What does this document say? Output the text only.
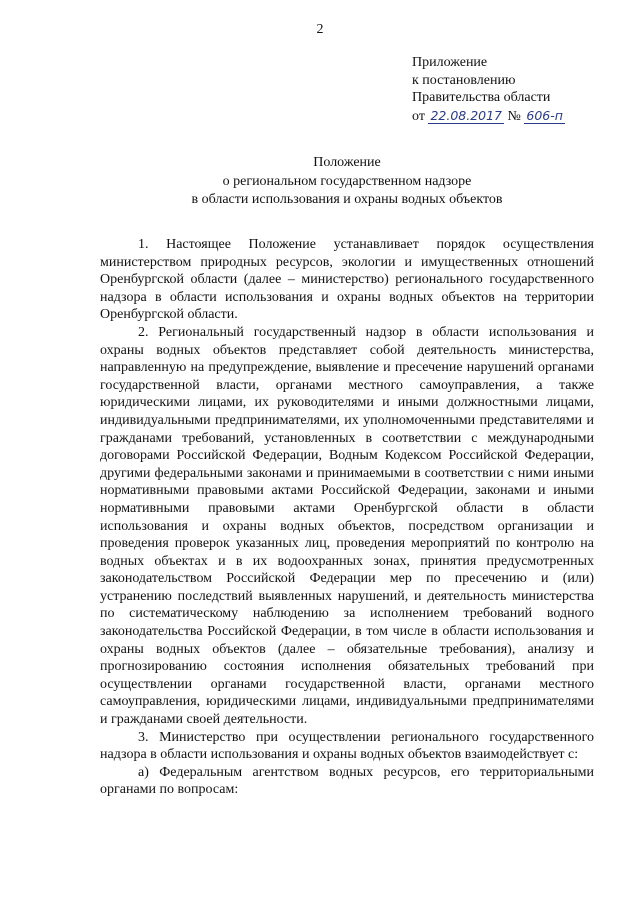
2
Приложение
к постановлению
Правительства области
от 22.08.2017 № 606-п
Положение
о региональном государственном надзоре
в области использования и охраны водных объектов

1. Настоящее Положение устанавливает порядок осуществления министерством природных ресурсов, экологии и имущественных отношений Оренбургской области (далее – министерство) регионального государственного надзора в области использования и охраны водных объектов на территории Оренбургской области.

2. Региональный государственный надзор в области использования и охраны водных объектов представляет собой деятельность министерства, направленную на предупреждение, выявление и пресечение нарушений органами государственной власти, органами местного самоуправления, а также юридическими лицами, их руководителями и иными должностными лицами, индивидуальными предпринимателями, их уполномоченными представителями и гражданами требований, установленных в соответствии с международными договорами Российской Федерации, Водным Кодексом Российской Федерации, другими федеральными законами и принимаемыми в соответствии с ними иными нормативными правовыми актами Российской Федерации, законами и иными нормативными правовыми актами Оренбургской области в области использования и охраны водных объектов, посредством организации и проведения проверок указанных лиц, проведения мероприятий по контролю на водных объектах и в их водоохранных зонах, принятия предусмотренных законодательством Российской Федерации мер по пресечению и (или) устранению последствий выявленных нарушений, и деятельность министерства по систематическому наблюдению за исполнением требований водного законодательства Российской Федерации, в том числе в области использования и охраны водных объектов (далее – обязательные требования), анализу и прогнозированию состояния исполнения обязательных требований при осуществлении органами государственной власти, органами местного самоуправления, юридическими лицами, индивидуальными предпринимателями и гражданами своей деятельности.

3. Министерство при осуществлении регионального государственного надзора в области использования и охраны водных объектов взаимодействует с:

а) Федеральным агентством водных ресурсов, его территориальными органами по вопросам:
